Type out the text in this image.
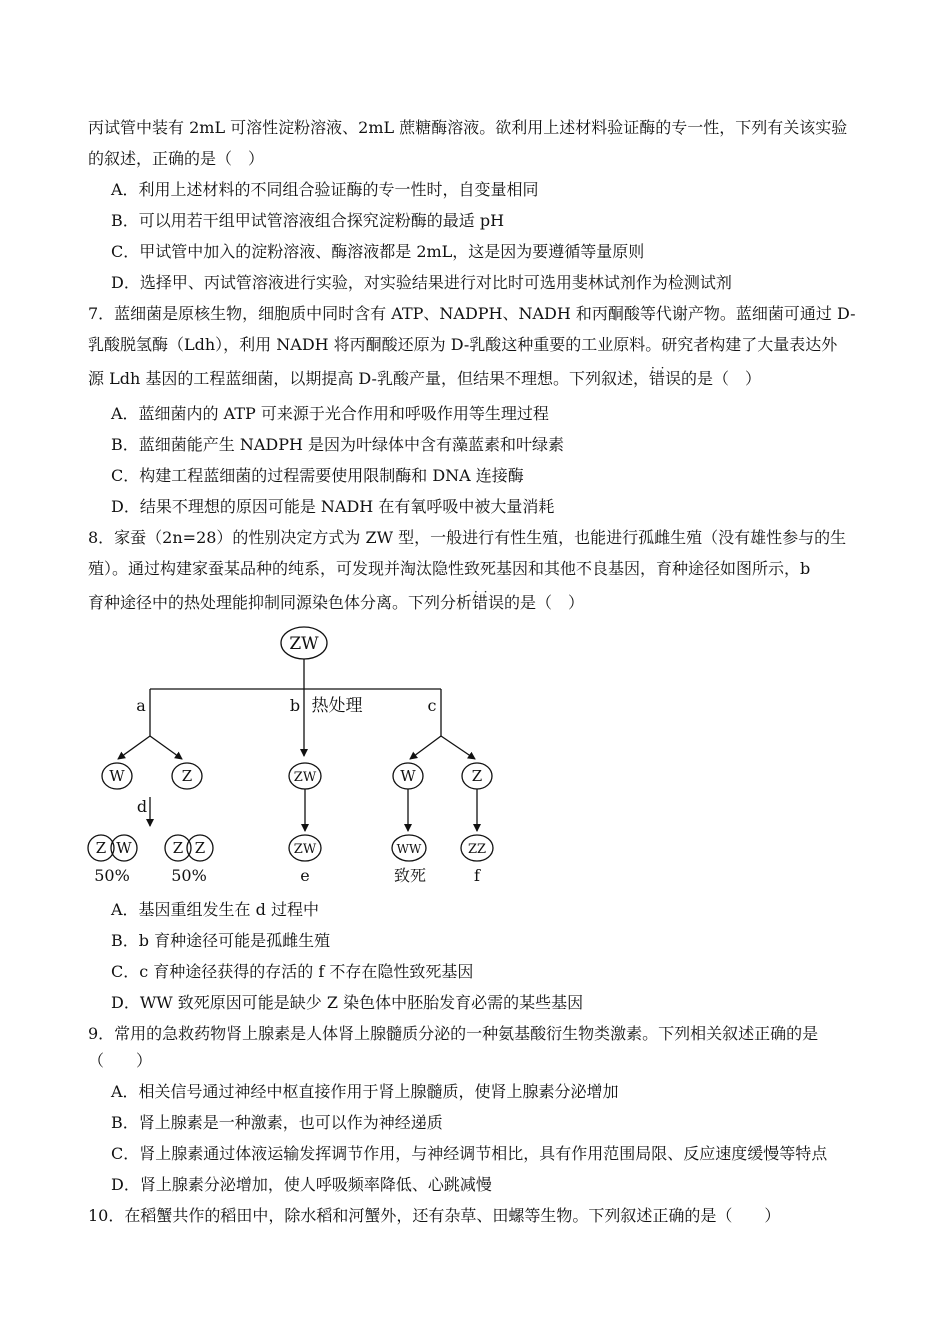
丙试管中装有 2mL 可溶性淀粉溶液、2mL 蔗糖酶溶液。欲利用上述材料验证酶的专一性，下列有关该实验
的叙述，正确的是（　）
A．利用上述材料的不同组合验证酶的专一性时，自变量相同
B．可以用若干组甲试管溶液组合探究淀粉酶的最适 pH
C．甲试管中加入的淀粉溶液、酶溶液都是 2mL，这是因为要遵循等量原则
D．选择甲、丙试管溶液进行实验，对实验结果进行对比时可选用斐林试剂作为检测试剂
7．蓝细菌是原核生物，细胞质中同时含有 ATP、NADPH、NADH 和丙酮酸等代谢产物。蓝细菌可通过 D-
乳酸脱氢酶（Ldh），利用 NADH 将丙酮酸还原为 D-乳酸这种重要的工业原料。研究者构建了大量表达外
源 Ldh 基因的工程蓝细菌，以期提高 D-乳酸产量，但结果不理想。下列叙述，· · 错误的是（　）
A．蓝细菌内的 ATP 可来源于光合作用和呼吸作用等生理过程
B．蓝细菌能产生 NADPH 是因为叶绿体中含有藻蓝素和叶绿素
C．构建工程蓝细菌的过程需要使用限制酶和 DNA 连接酶
D．结果不理想的原因可能是 NADH 在有氧呼吸中被大量消耗
8．家蚕（2n=28）的性别决定方式为 ZW 型，一般进行有性生殖，也能进行孤雌生殖（没有雄性参与的生
殖）。通过构建家蚕某品种的纯系，可发现并淘汰隐性致死基因和其他不良基因，育种途径如图所示，b
育种途径中的热处理能抑制同源染色体分离。下列分析· · 错误的是（　）
ZW
a	b 热处理	c
d
W	Z	ZW	W	Z
Z W	Z Z	ZW	WW	ZZ
50%	50%	e	致死	f
A．基因重组发生在 d 过程中
B．b 育种途径可能是孤雌生殖
C．c 育种途径获得的存活的 f 不存在隐性致死基因
D．WW 致死原因可能是缺少 Z 染色体中胚胎发育必需的某些基因
9．常用的急救药物肾上腺素是人体肾上腺髓质分泌的一种氨基酸衍生物类激素。下列相关叙述正确的是
（　　）
A．相关信号通过神经中枢直接作用于肾上腺髓质，使肾上腺素分泌增加
B．肾上腺素是一种激素，也可以作为神经递质
C．肾上腺素通过体液运输发挥调节作用，与神经调节相比，具有作用范围局限、反应速度缓慢等特点
D．肾上腺素分泌增加，使人呼吸频率降低、心跳减慢
10．在稻蟹共作的稻田中，除水稻和河蟹外，还有杂草、田螺等生物。下列叙述正确的是（　　）
